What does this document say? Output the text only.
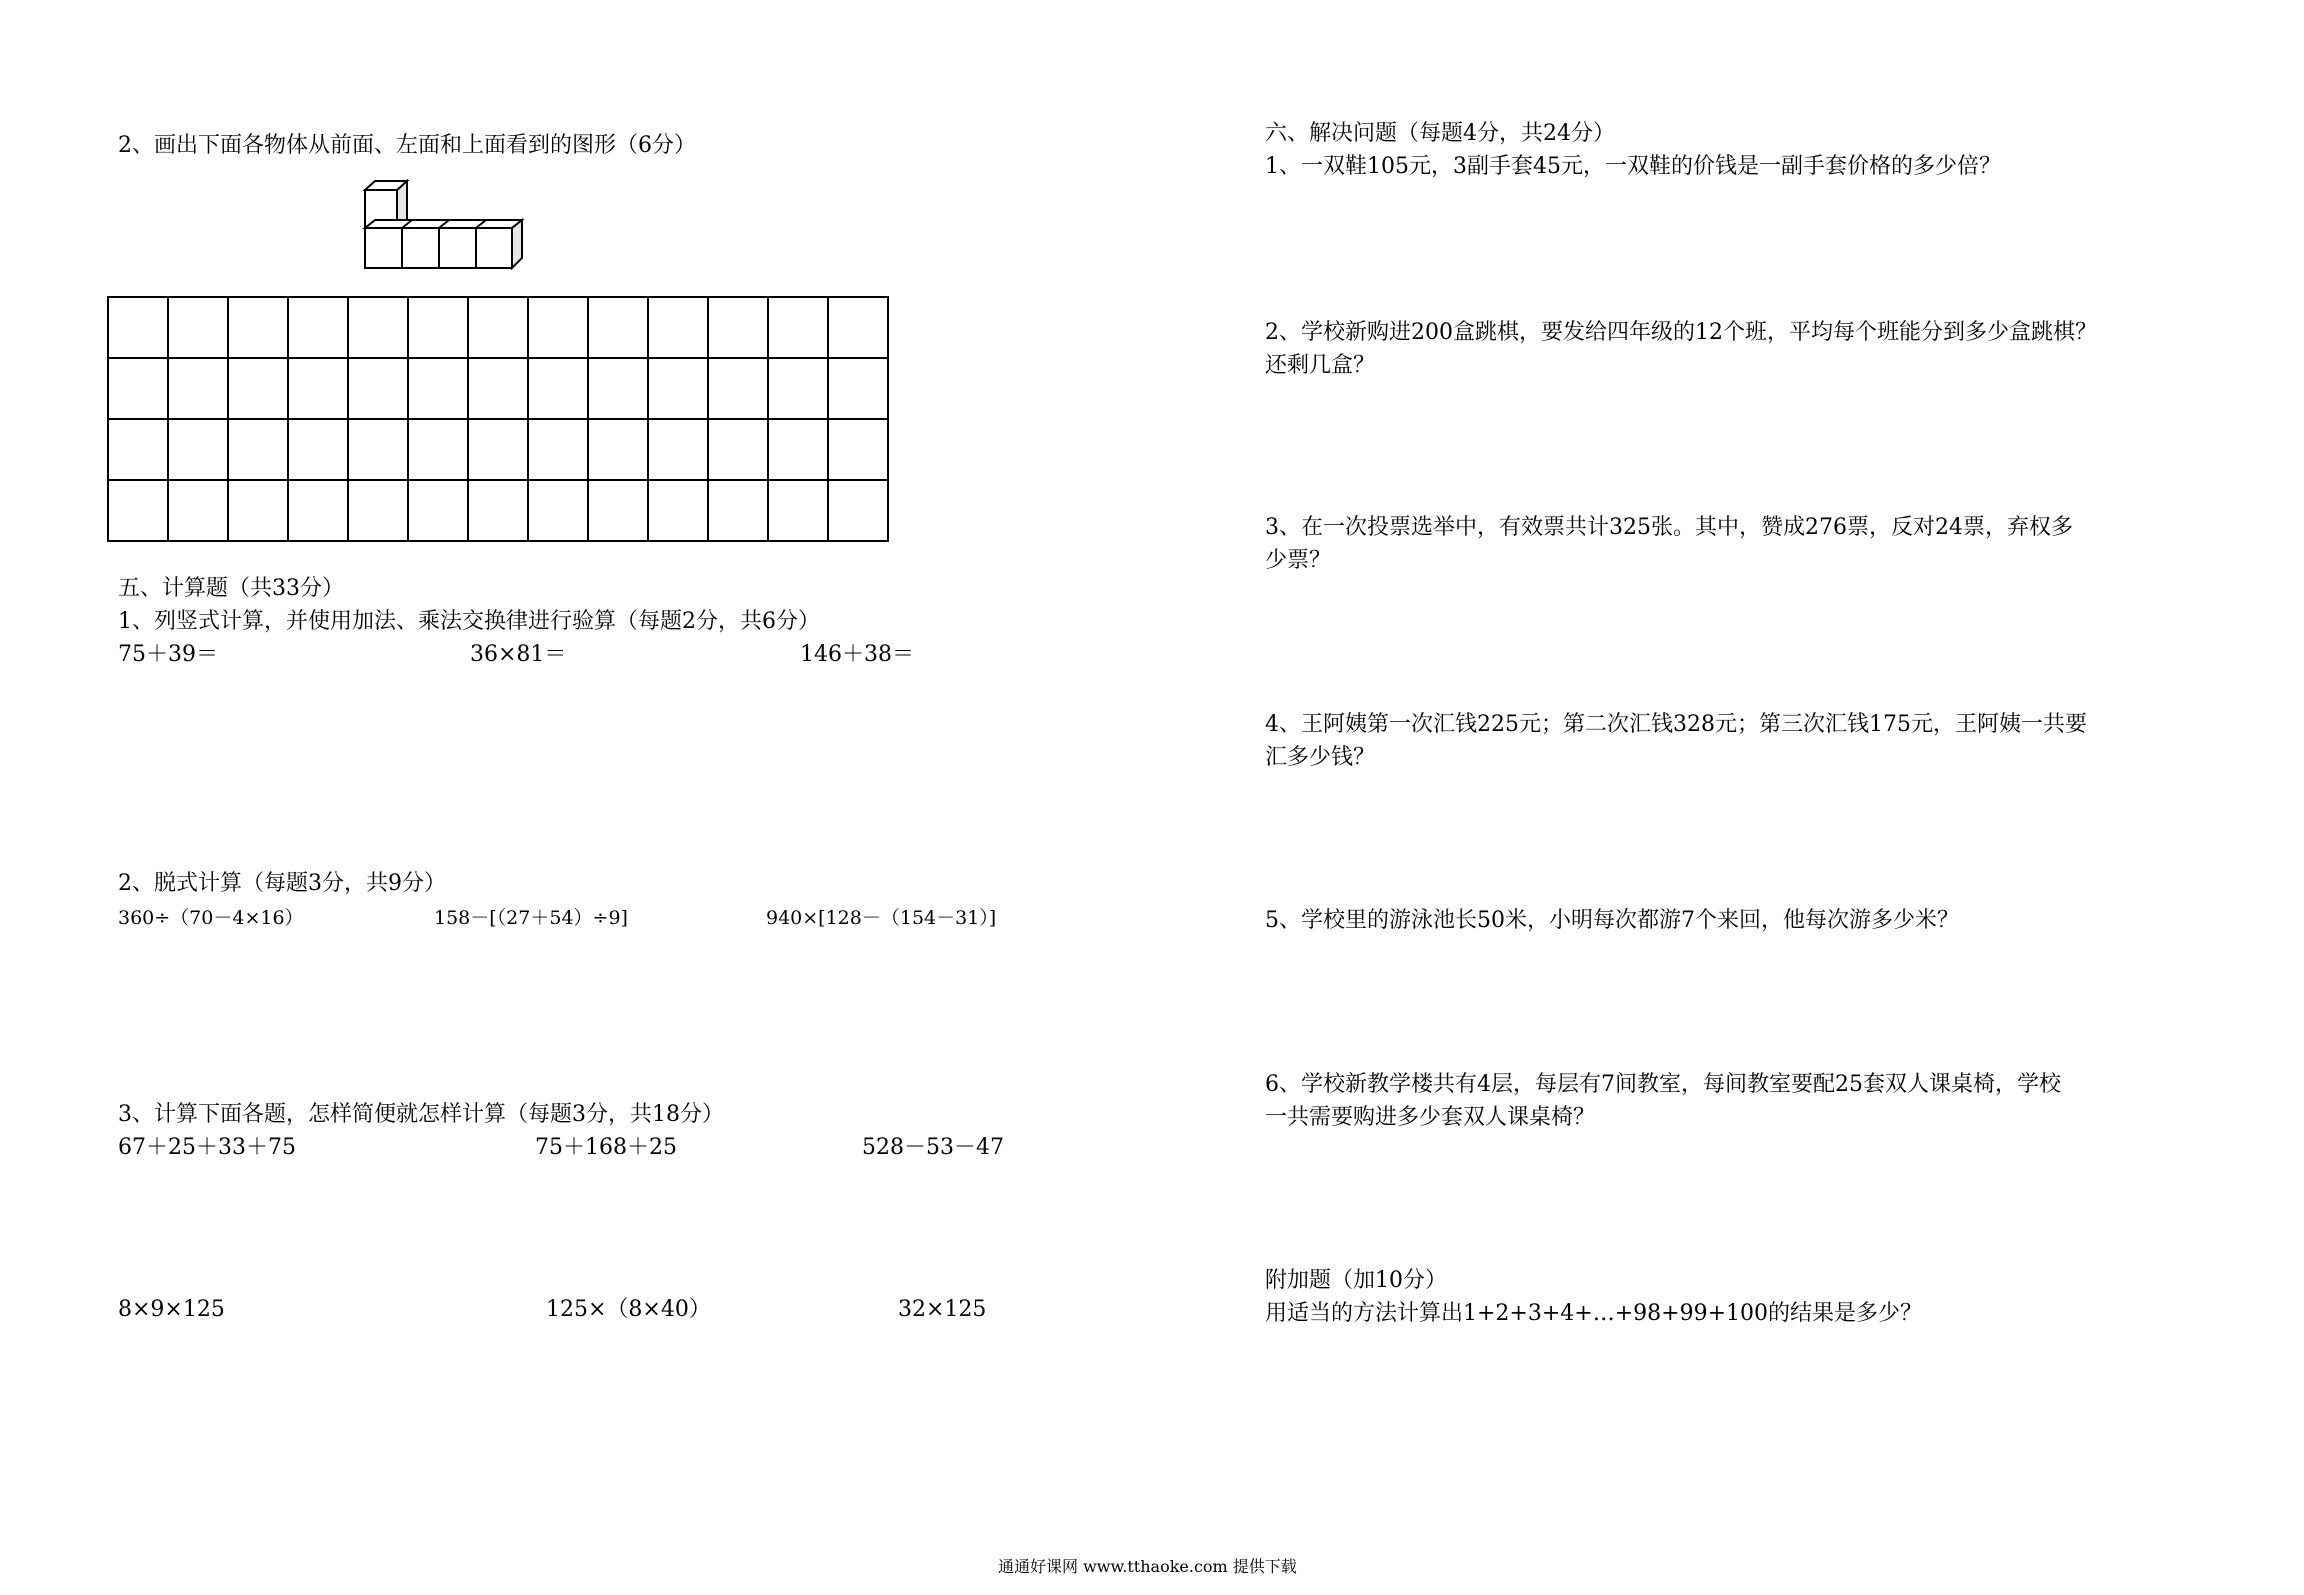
2、画出下面各物体从前面、左面和上面看到的图形（6分）

五、计算题（共33分）
1、列竖式计算，并使用加法、乘法交换律进行验算（每题2分，共6分）
75＋39＝	36×81＝	146＋38＝
2、脱式计算（每题3分，共9分）
360÷（70－4×16）	158－[（27＋54）÷9]	940×[128－（154－31）]
3、计算下面各题，怎样简便就怎样计算（每题3分，共18分）
67＋25＋33＋75	75＋168＋25	528－53－47
8×9×125	125×（8×40）	32×125
六、解决问题（每题4分，共24分）
1、一双鞋105元，3副手套45元，一双鞋的价钱是一副手套价格的多少倍？
2、学校新购进200盒跳棋，要发给四年级的12个班，平均每个班能分到多少盒跳棋？
还剩几盒？
3、在一次投票选举中，有效票共计325张。其中，赞成276票，反对24票，弃权多
少票？
4、王阿姨第一次汇钱225元；第二次汇钱328元；第三次汇钱175元，王阿姨一共要
汇多少钱？
5、学校里的游泳池长50米，小明每次都游7个来回，他每次游多少米？
6、学校新教学楼共有4层，每层有7间教室，每间教室要配25套双人课桌椅，学校
一共需要购进多少套双人课桌椅？
附加题（加10分）
用适当的方法计算出1+2+3+4+…+98+99+100的结果是多少？
通通好课网 www.tthaoke.com 提供下载
